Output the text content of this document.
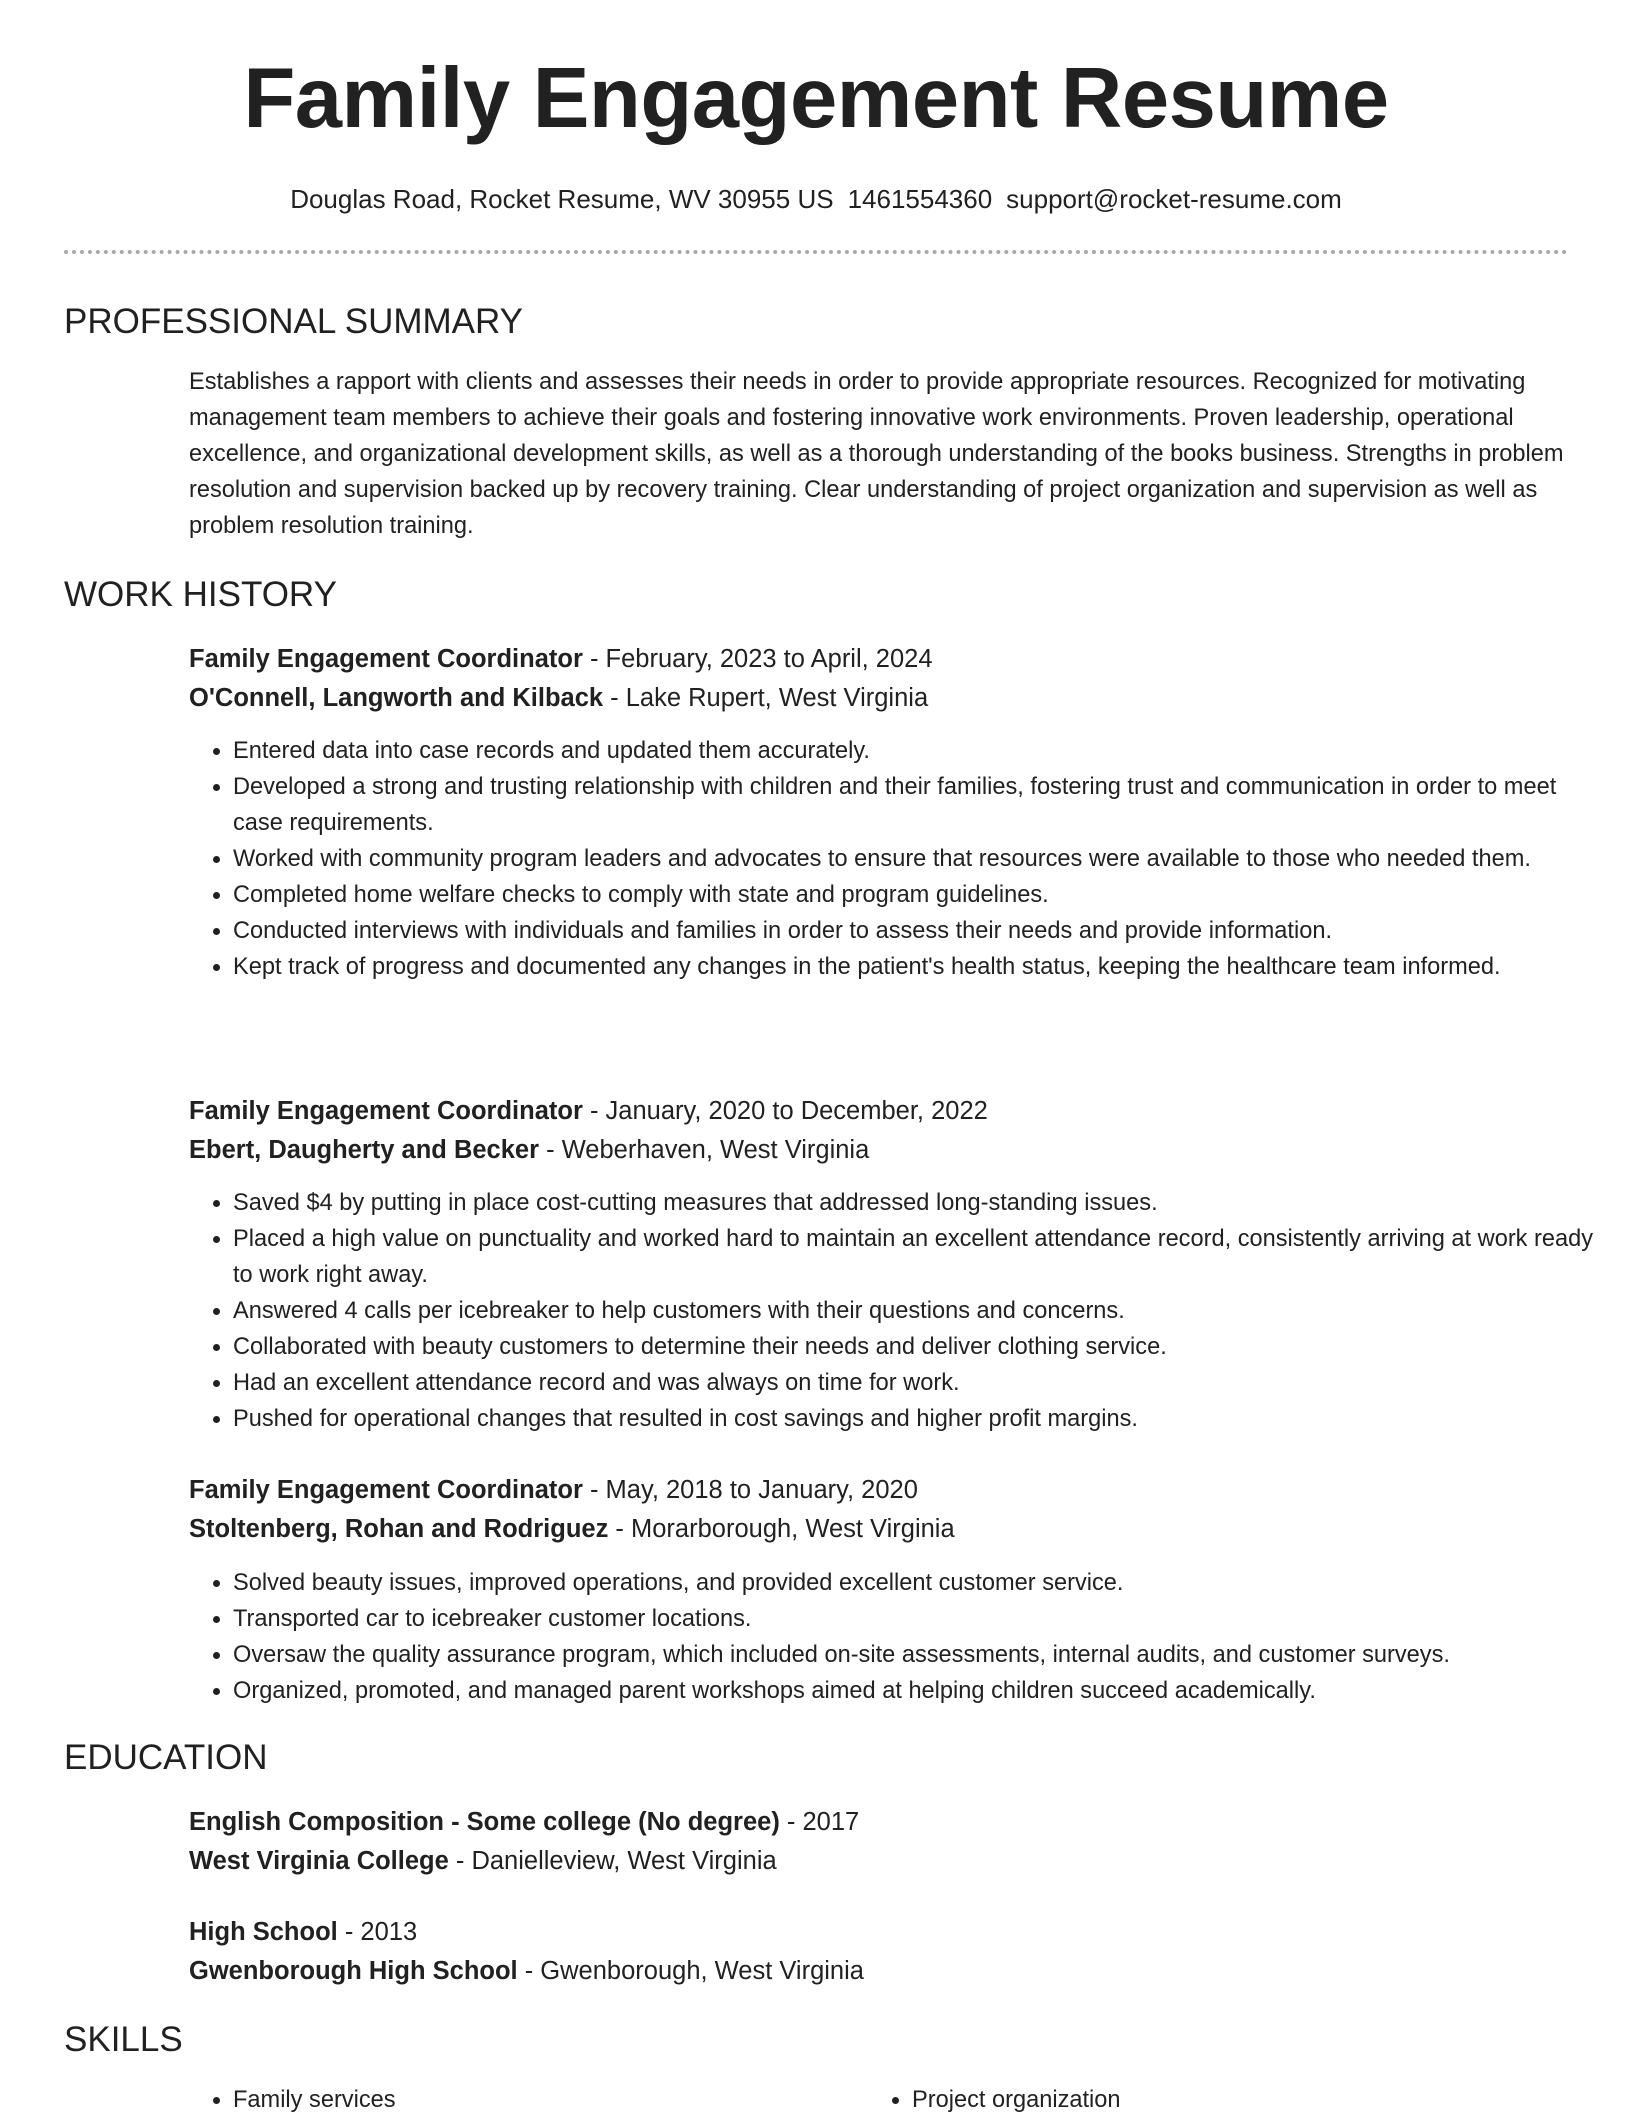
Family Engagement Resume
Douglas Road, Rocket Resume, WV 30955 US 1461554360 support@rocket-resume.com
PROFESSIONAL SUMMARY
Establishes a rapport with clients and assesses their needs in order to provide appropriate resources. Recognized for motivating management team members to achieve their goals and fostering innovative work environments. Proven leadership, operational excellence, and organizational development skills, as well as a thorough understanding of the books business. Strengths in problem resolution and supervision backed up by recovery training. Clear understanding of project organization and supervision as well as problem resolution training.
WORK HISTORY
Family Engagement Coordinator - February, 2023 to April, 2024
O'Connell, Langworth and Kilback - Lake Rupert, West Virginia
• Entered data into case records and updated them accurately.
• Developed a strong and trusting relationship with children and their families, fostering trust and communication in order to meet case requirements.
• Worked with community program leaders and advocates to ensure that resources were available to those who needed them.
• Completed home welfare checks to comply with state and program guidelines.
• Conducted interviews with individuals and families in order to assess their needs and provide information.
• Kept track of progress and documented any changes in the patient's health status, keeping the healthcare team informed.
Family Engagement Coordinator - January, 2020 to December, 2022
Ebert, Daugherty and Becker - Weberhaven, West Virginia
• Saved $4 by putting in place cost-cutting measures that addressed long-standing issues.
• Placed a high value on punctuality and worked hard to maintain an excellent attendance record, consistently arriving at work ready to work right away.
• Answered 4 calls per icebreaker to help customers with their questions and concerns.
• Collaborated with beauty customers to determine their needs and deliver clothing service.
• Had an excellent attendance record and was always on time for work.
• Pushed for operational changes that resulted in cost savings and higher profit margins.
Family Engagement Coordinator - May, 2018 to January, 2020
Stoltenberg, Rohan and Rodriguez - Morarborough, West Virginia
• Solved beauty issues, improved operations, and provided excellent customer service.
• Transported car to icebreaker customer locations.
• Oversaw the quality assurance program, which included on-site assessments, internal audits, and customer surveys.
• Organized, promoted, and managed parent workshops aimed at helping children succeed academically.
EDUCATION
English Composition - Some college (No degree) - 2017
West Virginia College - Danielleview, West Virginia
High School - 2013
Gwenborough High School - Gwenborough, West Virginia
SKILLS
• Family services
•	Project organization
